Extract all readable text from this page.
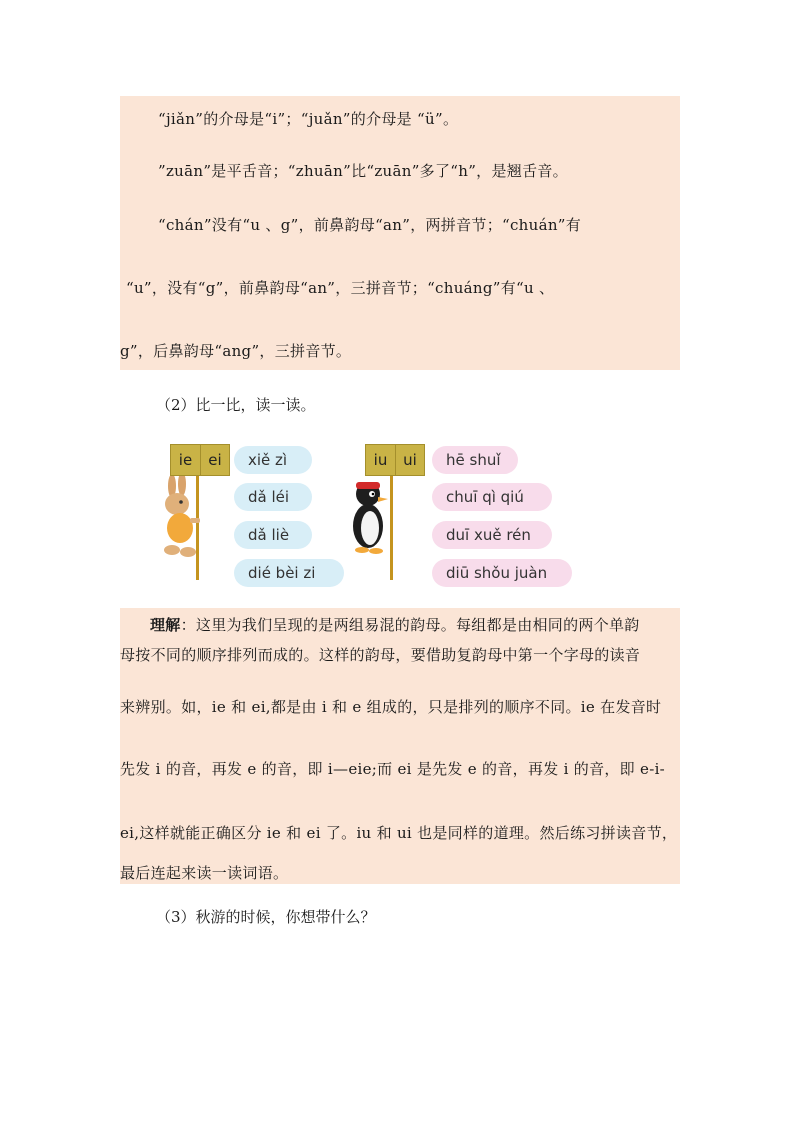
“jiǎn”的介母是“i”；“juǎn”的介母是 “ü”。
”zuān”是平舌音；“zhuān”比“zuān”多了“h”，是翘舌音。
“chán”没有“u 、g”，前鼻韵母“an”，两拼音节；“chuán”有
“u”，没有“g”，前鼻韵母“an”，三拼音节；“chuáng”有“u 、
g”，后鼻韵母“ang”，三拼音节。
（2）比一比，读一读。
ie	ei	xiě zì
dǎ léi
dǎ liè
dié bèi zi
iu	ui	hē shuǐ
chuī qì qiú
duī xuě rén
diū shǒu juàn
理解：这里为我们呈现的是两组易混的韵母。每组都是由相同的两个单韵
母按不同的顺序排列而成的。这样的韵母，要借助复韵母中第一个字母的读音
来辨别。如，ie 和 ei,都是由 i 和 e 组成的，只是排列的顺序不同。ie 在发音时
先发 i 的音，再发 e 的音，即 i—eie;而 ei 是先发 e 的音，再发 i 的音，即 e-i-
ei,这样就能正确区分 ie 和 ei 了。iu 和 ui 也是同样的道理。然后练习拼读音节，
最后连起来读一读词语。
（3）秋游的时候，你想带什么？
